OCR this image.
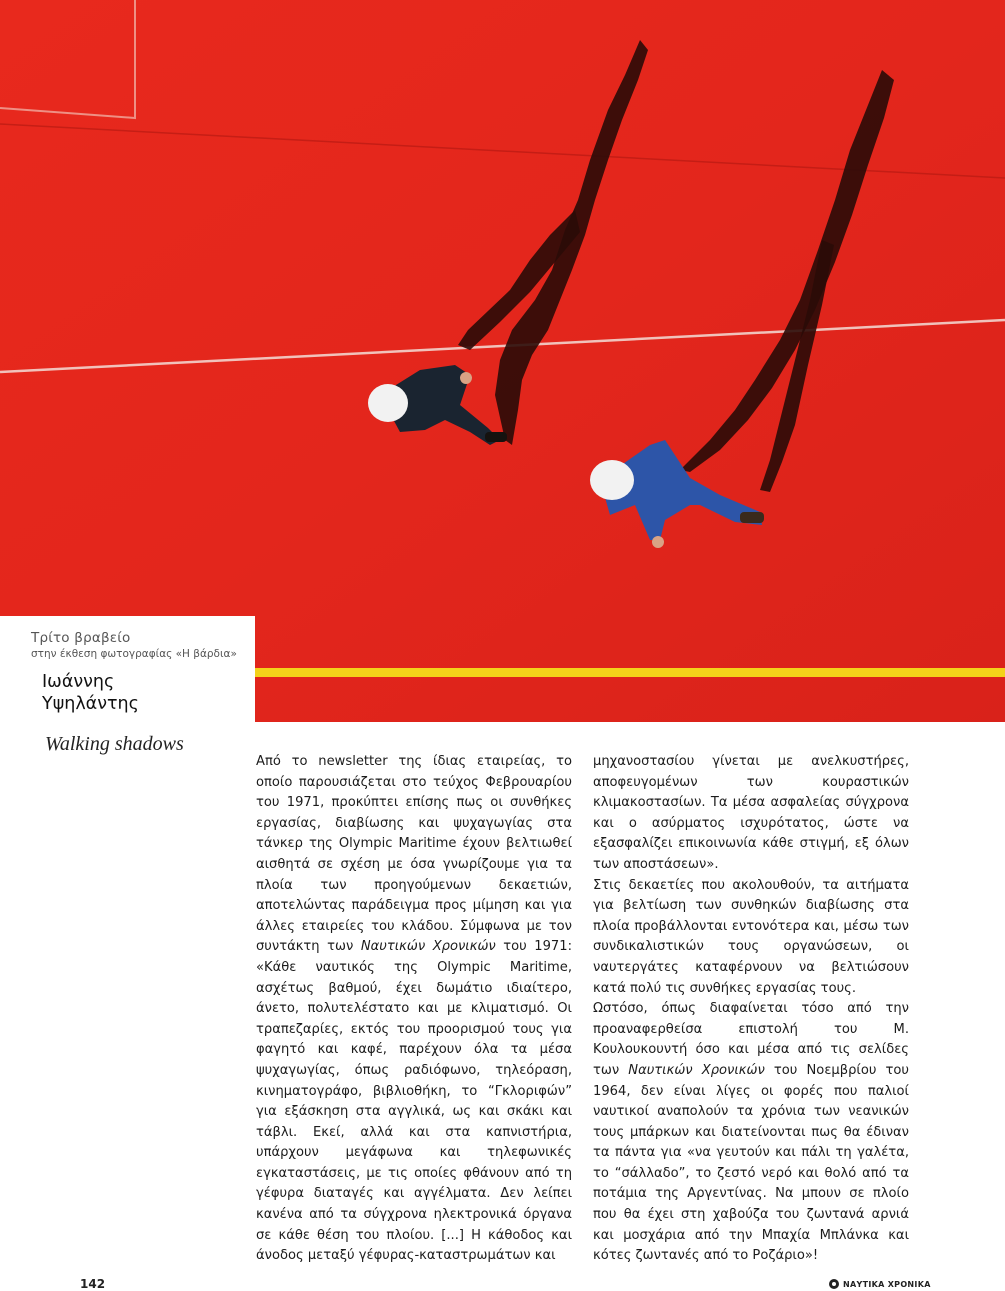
Τρίτο βραβείο
στην έκθεση φωτογραφίας «Η βάρδια»
Ιωάννης
Υψηλάντης
Walking shadows

Από το newsletter της ίδιας εταιρείας, το οποίο παρουσιάζεται στο τεύχος Φεβρουαρίου του 1971, προκύπτει επίσης πως οι συνθήκες εργασίας, διαβίωσης και ψυχαγωγίας στα τάνκερ της Olympic Maritime έχουν βελτιωθεί αισθητά σε σχέση με όσα γνωρίζουμε για τα πλοία των προηγούμενων δεκαετιών, αποτελώντας παράδειγμα προς μίμηση και για άλλες εταιρείες του κλάδου. Σύμφωνα με τον συντάκτη των Ναυτικών Χρονικών του 1971: «Κάθε ναυτικός της Olympic Maritime, ασχέτως βαθμού, έχει δωμάτιο ιδιαίτερο, άνετο, πολυτελέστατο και με κλιματισμό. Οι τραπεζαρίες, εκτός του προορισμού τους για φαγητό και καφέ, παρέχουν όλα τα μέσα ψυχαγωγίας, όπως ραδιόφωνο, τηλεόραση, κινηματογράφο, βιβλιοθήκη, το “Γκλοριφών” για εξάσκηση στα αγγλικά, ως και σκάκι και τάβλι. Εκεί, αλλά και στα καπνιστήρια, υπάρχουν μεγάφωνα και τηλεφωνικές εγκαταστάσεις, με τις οποίες φθάνουν από τη γέφυρα διαταγές και αγγέλματα. Δεν λείπει κανένα από τα σύγχρονα ηλεκτρονικά όργανα σε κάθε θέση του πλοίου. [...] Η κάθοδος και άνοδος μεταξύ γέφυρας-καταστρωμάτων και

μηχανοστασίου γίνεται με ανελκυστήρες, αποφευγομένων των κουραστικών κλιμακοστασίων. Τα μέσα ασφαλείας σύγχρονα και ο ασύρματος ισχυρότατος, ώστε να εξασφαλίζει επικοινωνία κάθε στιγμή, εξ όλων των αποστάσεων».

Στις δεκαετίες που ακολουθούν, τα αιτήματα για βελτίωση των συνθηκών διαβίωσης στα πλοία προβάλλονται εντονότερα και, μέσω των συνδικαλιστικών τους οργανώσεων, οι ναυτεργάτες καταφέρνουν να βελτιώσουν κατά πολύ τις συνθήκες εργασίας τους.

Ωστόσο, όπως διαφαίνεται τόσο από την προαναφερθείσα επιστολή του Μ. Κουλουκουντή όσο και μέσα από τις σελίδες των Ναυτικών Χρονικών του Νοεμβρίου του 1964, δεν είναι λίγες οι φορές που παλιοί ναυτικοί αναπολούν τα χρόνια των νεανικών τους μπάρκων και διατείνονται πως θα έδιναν τα πάντα για «να γευτούν και πάλι τη γαλέτα, το “σάλλαδο”, το ζεστό νερό και θολό από τα ποτάμια της Αργεντίνας. Να μπουν σε πλοίο που θα έχει στη χαβούζα του ζωντανά αρνιά και μοσχάρια από την Μπαχία Μπλάνκα και κότες ζωντανές από το Ροζάριο»!

142	ΝΑΥΤΙΚΑ ΧΡΟΝΙΚΑ
